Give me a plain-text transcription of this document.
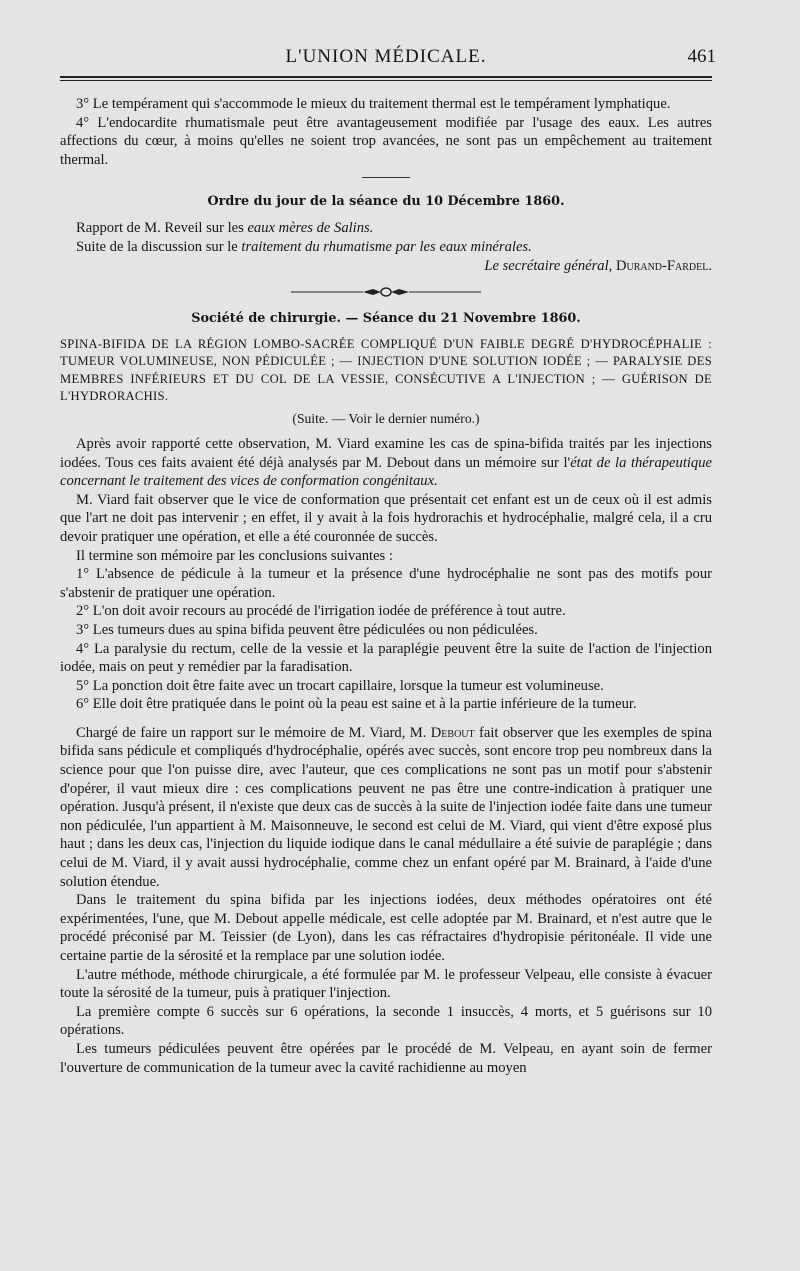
L'UNION MÉDICALE.	461

3° Le tempérament qui s'accommode le mieux du traitement thermal est le tempérament lymphatique.

4° L'endocardite rhumatismale peut être avantageusement modifiée par l'usage des eaux. Les autres affections du cœur, à moins qu'elles ne soient trop avancées, ne sont pas un empêchement au traitement thermal.

Ordre du jour de la séance du 10 Décembre 1860.

Rapport de M. Reveil sur les eaux mères de Salins.

Suite de la discussion sur le traitement du rhumatisme par les eaux minérales.

Le secrétaire général, Durand-Fardel.

Société de chirurgie. — Séance du 21 Novembre 1860.

SPINA-BIFIDA DE LA RÉGION LOMBO-SACRÉE COMPLIQUÉ D'UN FAIBLE DEGRÉ D'HYDROCÉPHALIE : TUMEUR VOLUMINEUSE, NON PÉDICULÉE ; — INJECTION D'UNE SOLUTION IODÉE ; — PARALYSIE DES MEMBRES INFÉRIEURS ET DU COL DE LA VESSIE, CONSÉCUTIVE A L'INJECTION ; — GUÉRISON DE L'HYDRORACHIS.

(Suite. — Voir le dernier numéro.)

Après avoir rapporté cette observation, M. Viard examine les cas de spina-bifida traités par les injections iodées. Tous ces faits avaient été déjà analysés par M. Debout dans un mémoire sur l'état de la thérapeutique concernant le traitement des vices de conformation congénitaux.

M. Viard fait observer que le vice de conformation que présentait cet enfant est un de ceux où il est admis que l'art ne doit pas intervenir ; en effet, il y avait à la fois hydrorachis et hydrocéphalie, malgré cela, il a cru devoir pratiquer une opération, et elle a été couronnée de succès.

Il termine son mémoire par les conclusions suivantes :

1° L'absence de pédicule à la tumeur et la présence d'une hydrocéphalie ne sont pas des motifs pour s'abstenir de pratiquer une opération.

2° L'on doit avoir recours au procédé de l'irrigation iodée de préférence à tout autre.

3° Les tumeurs dues au spina bifida peuvent être pédiculées ou non pédiculées.

4° La paralysie du rectum, celle de la vessie et la paraplégie peuvent être la suite de l'action de l'injection iodée, mais on peut y remédier par la faradisation.

5° La ponction doit être faite avec un trocart capillaire, lorsque la tumeur est volumineuse.

6° Elle doit être pratiquée dans le point où la peau est saine et à la partie inférieure de la tumeur.

Chargé de faire un rapport sur le mémoire de M. Viard, M. Debout fait observer que les exemples de spina bifida sans pédicule et compliqués d'hydrocéphalie, opérés avec succès, sont encore trop peu nombreux dans la science pour que l'on puisse dire, avec l'auteur, que ces complications ne sont pas un motif pour s'abstenir d'opérer, il vaut mieux dire : ces complications peuvent ne pas être une contre-indication à pratiquer une opération. Jusqu'à présent, il n'existe que deux cas de succès à la suite de l'injection iodée faite dans une tumeur non pédiculée, l'un appartient à M. Maisonneuve, le second est celui de M. Viard, qui vient d'être exposé plus haut ; dans les deux cas, l'injection du liquide iodique dans le canal médullaire a été suivie de paraplégie ; dans celui de M. Viard, il y avait aussi hydrocéphalie, comme chez un enfant opéré par M. Brainard, à l'aide d'une solution étendue.

Dans le traitement du spina bifida par les injections iodées, deux méthodes opératoires ont été expérimentées, l'une, que M. Debout appelle médicale, est celle adoptée par M. Brainard, et n'est autre que le procédé préconisé par M. Teissier (de Lyon), dans les cas réfractaires d'hydropisie péritonéale. Il vide une certaine partie de la sérosité et la remplace par une solution iodée.

L'autre méthode, méthode chirurgicale, a été formulée par M. le professeur Velpeau, elle consiste à évacuer toute la sérosité de la tumeur, puis à pratiquer l'injection.

La première compte 6 succès sur 6 opérations, la seconde 1 insuccès, 4 morts, et 5 guérisons sur 10 opérations.

Les tumeurs pédiculées peuvent être opérées par le procédé de M. Velpeau, en ayant soin de fermer l'ouverture de communication de la tumeur avec la cavité rachidienne au moyen
